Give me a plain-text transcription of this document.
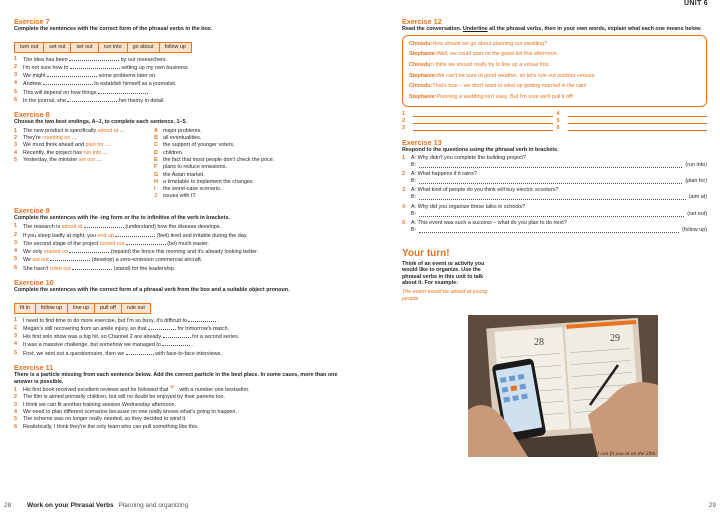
Exercise 7
Complete the sentences with the correct form of the phrasal verbs in the box.
turn out	set out	set out	run into	go about	follow up
1	The idea has been	by our researchers.
2	I'm not sure how to	setting up my own business.
3	We might	some problems later on.
4	Andrew	to establish himself as a journalist.
5	This will depend on how things	.
6	In the journal, she	her theory in detail.
Exercise 8
Choose the two best endings, A–J, to complete each sentence, 1–5.
1	The new product is specifically aimed at …
2	They're counting on …
3	We must think ahead and plan for …
4	Recently, the project has run into …
5	Yesterday, the minister set out …
A major problems.
B all eventualities.
C the support of younger voters.
D children.
E the fact that most people don't check the price.
F	plans to reduce emissions.
G the Asian market.
H a timetable to implement the changes.
I	the worst-case scenario.
J	issues with IT.
Exercise 9
Complete the sentences with the -ing form or the to infinitive of the verb in brackets.
1	The research is aimed at	(understand) how the disease develops.
2	If you sleep badly at night, you end up	(feel) tired and irritable during the day.
3	The second stage of the project turned out	(be) much easier.
4	We only started on	(repaint) the fence this morning and it's already looking better.
5	We set out	(develop) a zero-emission commercial aircraft.
6	She hasn't ruled out	(stand) for the leadership.
Exercise 10
Complete the sentences with the correct form of a phrasal verb from the box and a suitable object pronoun.
fit in	follow up	line up	pull off	rule out
1	I need to find time to do more exercise, but I'm so busy, it's difficult to	.
2	Megan's still recovering from an ankle injury, so that	for tomorrow's match.
3	His first solo show was a big hit, so Channel 2 are already	for a second series.
4	It was a massive challenge, but somehow we managed to	.
5	First, we sent out a questionnaire, then we	with face-to-face interviews.
Exercise 11
There is a particle missing from each sentence below. Add the correct particle in the best place. In some cases, more than one answer is possible.
1	His first book received excellent reviews and he followed that
up
⌃ with a number one bestseller.
2	The film is aimed primarily children, but will no doubt be enjoyed by their parents too.
3	I think we can fit another training session Wednesday afternoon.
4	We need to plan different scenarios because no one really knows what's going to happen.
5	The scheme was no longer really needed, so they decided to wind it.
6	Realistically, I think they're the only team who can pull something like this.
28 Work on your Phrasal Verbs Planning and organizing
UNIT 6
Exercise 12
Read the conversation. Underline all the phrasal verbs, then in your own words, explain what each one means below.
Chinedu: How should we go about planning our wedding?
Stephanie: Well, we could start on the guest list this afternoon.
Chinedu: I think we should really try to line up a venue first.
Stephanie: We can't be sure of good weather, so let's rule out outdoor venues.
Chinedu: That's true – we don't want to wind up getting married in the rain!
Stephanie: Planning a wedding isn't easy. But I'm sure we'll pull it off!
1
2
3
4
5
6
Exercise 13
Respond to the questions using the phrasal verb in brackets.
1	A: Why didn't you complete the building project?
B:	(run into)
2	A: What happens if it rains?
B:	(plan for)
3	A: What kind of people do you think will buy electric scooters?
B:	(aim at)
4	A: Why did you organize these talks in schools?
B:	(set out)
5	A: This event was such a success – what do you plan to do next?
B:	(follow up)
Your turn!
Think of an event or activity you would like to organize. Use the phrasal verbs in this unit to talk about it. For example:
The event would be aimed at young people.
28	29
'I can fit you in on the 29th.'
29
